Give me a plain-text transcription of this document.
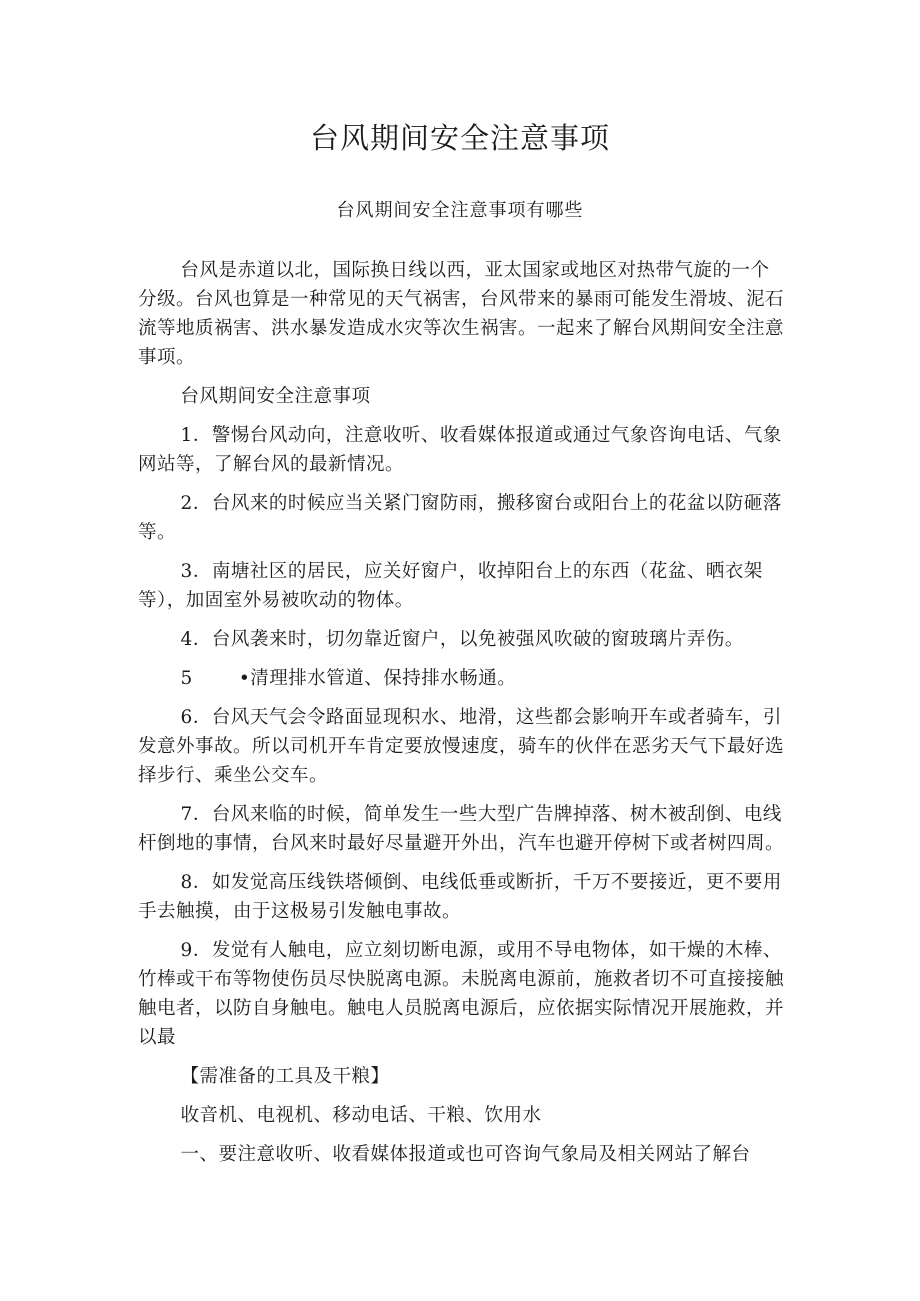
台风期间安全注意事项
台风期间安全注意事项有哪些

台风是赤道以北，国际换日线以西，亚太国家或地区对热带气旋的一个分级。台风也算是一种常见的天气祸害，台风带来的暴雨可能发生滑坡、泥石流等地质祸害、洪水暴发造成水灾等次生祸害。一起来了解台风期间安全注意事项。

台风期间安全注意事项

1．警惕台风动向，注意收听、收看媒体报道或通过气象咨询电话、气象网站等，了解台风的最新情况。

2．台风来的时候应当关紧门窗防雨，搬移窗台或阳台上的花盆以防砸落等。

3．南塘社区的居民，应关好窗户，收掉阳台上的东西（花盆、晒衣架等），加固室外易被吹动的物体。

4．台风袭来时，切勿靠近窗户，以免被强风吹破的窗玻璃片弄伤。

5 •清理排水管道、保持排水畅通。

6．台风天气会令路面显现积水、地滑，这些都会影响开车或者骑车，引发意外事故。所以司机开车肯定要放慢速度，骑车的伙伴在恶劣天气下最好选择步行、乘坐公交车。

7．台风来临的时候，简单发生一些大型广告牌掉落、树木被刮倒、电线杆倒地的事情，台风来时最好尽量避开外出，汽车也避开停树下或者树四周。

8．如发觉高压线铁塔倾倒、电线低垂或断折，千万不要接近，更不要用手去触摸，由于这极易引发触电事故。

9．发觉有人触电，应立刻切断电源，或用不导电物体，如干燥的木棒、竹棒或干布等物使伤员尽快脱离电源。未脱离电源前，施救者切不可直接接触触电者，以防自身触电。触电人员脱离电源后，应依据实际情况开展施救，并以最

【需准备的工具及干粮】

收音机、电视机、移动电话、干粮、饮用水

一、要注意收听、收看媒体报道或也可咨询气象局及相关网站了解台
